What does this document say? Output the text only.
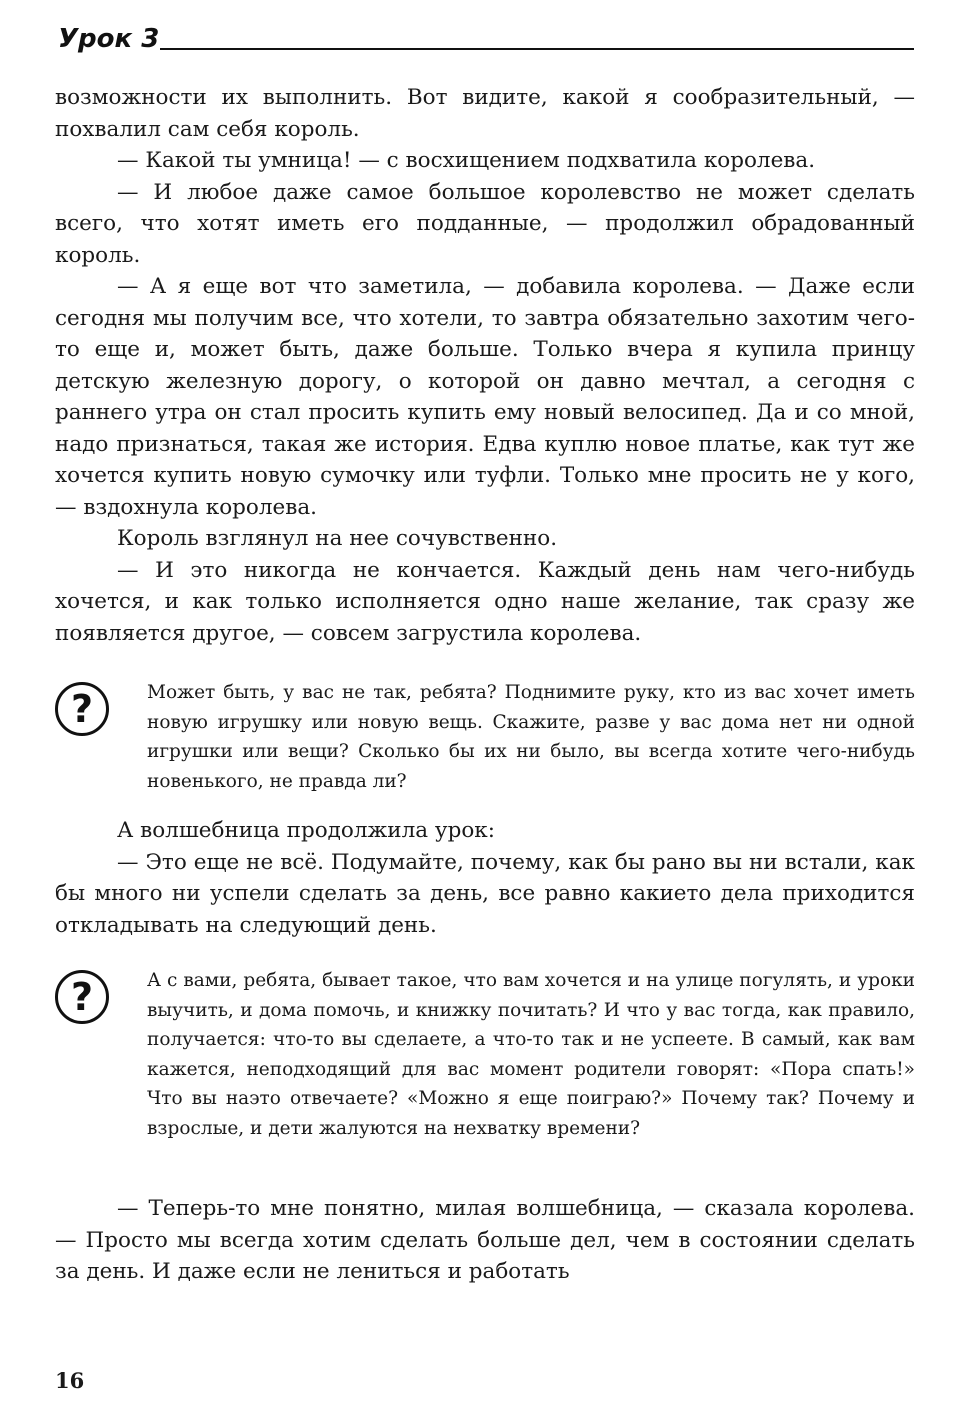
Урок 3

возможности их выполнить. Вот видите, какой я сообразительный, — похвалил сам себя король.

— Какой ты умница! — с восхищением подхватила королева.

— И любое даже самое большое королевство не может сделать всего, что хотят иметь его подданные, — продолжил обрадованный король.

— А я еще вот что заметила, — добавила королева. — Даже если сегодня мы получим все, что хотели, то завтра обязательно захотим чего-то еще и, может быть, даже больше. Только вчера я купила принцу детскую железную дорогу, о которой он давно мечтал, а сегодня с раннего утра он стал просить купить ему новый велосипед. Да и со мной, надо признаться, такая же история. Едва куплю новое платье, как тут же хочется купить новую сумочку или туфли. Только мне просить не у кого, — вздохнула королева.

Король взглянул на нее сочувственно.

— И это никогда не кончается. Каждый день нам чего-нибудь хочется, и как только исполняется одно наше желание, так сразу же появляется другое, — совсем загрустила королева.

?	Может быть, у вас не так, ребята? Поднимите руку, кто из вас хочет иметь новую игрушку или новую вещь. Скажите, разве у вас дома нет ни одной игрушки или вещи? Сколько бы их ни было, вы всегда хотите чего-нибудь новенького, не правда ли?

А волшебница продолжила урок:

— Это еще не всё. Подумайте, почему, как бы рано вы ни встали, как бы много ни успели сделать за день, все равно какието дела приходится откладывать на следующий день.

?	А с вами, ребята, бывает такое, что вам хочется и на улице погулять, и уроки выучить, и дома помочь, и книжку почитать? И что у вас тогда, как правило, получается: что-то вы сделаете, а что-то так и не успеете. В самый, как вам кажется, неподходящий для вас момент родители говорят: «Пора спать!» Что вы наэто отвечаете? «Можно я еще поиграю?» Почему так? Почему и взрослые, и дети жалуются на нехватку времени?

— Теперь-то мне понятно, милая волшебница, — сказала королева. — Просто мы всегда хотим сделать больше дел, чем в состоянии сделать за день. И даже если не лениться и работать

16
